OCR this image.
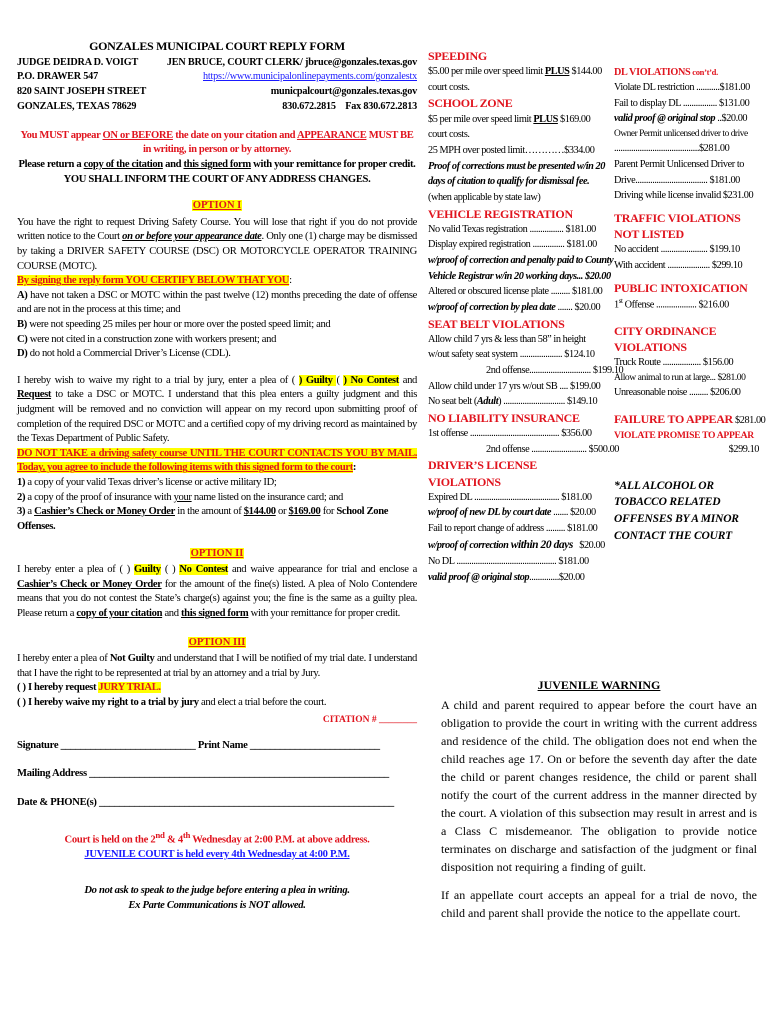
GONZALES MUNICIPAL COURT REPLY FORM
JUDGE DEIDRA D. VOIGT
P.O. DRAWER 547
820 SAINT JOSEPH STREET
GONZALES, TEXAS 78629
JEN BRUCE, COURT CLERK/ jbruce@gonzales.texas.gov
https://www.municipalonlinepayments.com/gonzalestx
municpalcourt@gonzales.texas.gov
830.672.2815    Fax 830.672.2813
You MUST appear ON or BEFORE the date on your citation and APPEARANCE MUST BE in writing, in person or by attorney.
Please return a copy of the citation and this signed form with your remittance for proper credit.
YOU SHALL INFORM THE COURT OF ANY ADDRESS CHANGES.
OPTION I
You have the right to request Driving Safety Course. You will lose that right if you do not provide written notice to the Court on or before your appearance date. Only one (1) charge may be dismissed by taking a DRIVER SAFETY COURSE (DSC) OR MOTORCYCLE OPERATOR TRAINING COURSE (MOTC).
By signing the reply form YOU CERTIFY BELOW THAT YOU:
A) have not taken a DSC or MOTC within the past twelve (12) months preceding the date of offense and are not in the process at this time; and
B) were not speeding 25 miles per hour or more over the posted speed limit; and
C) were not cited in a construction zone with workers present; and
D) do not hold a Commercial Driver’s License (CDL).
I hereby wish to waive my right to a trial by jury, enter a plea of ( ) Guilty ( ) No Contest and Request to take a DSC or MOTC. I understand that this plea enters a guilty judgment and this judgment will be removed and no conviction will appear on my record upon submitting proof of completion of the required DSC or MOTC and a certified copy of my driving record as maintained by the Texas Department of Public Safety.
DO NOT TAKE a driving safety course UNTIL THE COURT CONTACTS YOU BY MAIL. Today, you agree to include the following items with this signed form to the court:
1) a copy of your valid Texas driver’s license or active military ID;
2) a copy of the proof of insurance with your name listed on the insurance card; and
3) a Cashier’s Check or Money Order in the amount of $144.00 or $169.00 for School Zone Offenses.
OPTION II
I hereby enter a plea of ( ) Guilty ( ) No Contest and waive appearance for trial and enclose a Cashier’s Check or Money Order for the amount of the fine(s) listed. A plea of Nolo Contendere means that you do not contest the State’s charge(s) against you; the fine is the same as a guilty plea. Please return a copy of your citation and this signed form with your remittance for proper credit.
OPTION III
I hereby enter a plea of Not Guilty and understand that I will be notified of my trial date. I understand that I have the right to be represented at trial by an attorney and a trial by Jury.
( ) I hereby request JURY TRIAL.
( ) I hereby waive my right to a trial by jury and elect a trial before the court.
CITATION # ________
Signature ___________________________ Print Name __________________________
Mailing Address ____________________________________________________________
Date & PHONE(s) ___________________________________________________________
Court is held on the 2nd & 4th Wednesday at 2:00 P.M. at above address.
JUVENILE COURT is held every 4th Wednesday at 4:00 P.M.
Do not ask to speak to the judge before entering a plea in writing.
Ex Parte Communications is NOT allowed.
SPEEDING
$5.00 per mile over speed limit PLUS $144.00
court costs.
SCHOOL ZONE
$5 per mile over speed limit PLUS $169.00
court costs.
25 MPH over posted limit…………$334.00
Proof of corrections must be presented w/in 20
days of citation to qualify for dismissal fee.
(when applicable by state law)
VEHICLE REGISTRATION
No valid Texas registration ................ $181.00
Display expired registration ............... $181.00
w/proof of correction and penalty paid to County
Vehicle Registrar w/in 20 working days... $20.00
Altered or obscured license plate ......... $181.00
w/proof of correction by plea date ....... $20.00
SEAT BELT VIOLATIONS
Allow child 7 yrs & less than 58” in height
w/out safety seat system .................... $124.10
2nd offense............................. $199.10
Allow child under 17 yrs w/out SB .... $199.00
No seat belt (Adult) ............................. $149.10
NO LIABILITY INSURANCE
1st offense .......................................... $356.00
2nd offense .......................... $500.00
DRIVER’S LICENSE VIOLATIONS
Expired DL ........................................ $181.00
w/proof of new DL by court date ....... $20.00
Fail to report change of address ......... $181.00
w/proof of correction within 20 days   $20.00
No DL ............................................... $181.00
valid proof @ original stop..............$20.00
DL VIOLATIONS con’t’d.
Violate DL restriction ...........$181.00
Fail to display DL ................ $131.00
valid proof @ original stop ..$20.00
Owner Permit unlicensed driver to drive
........................................$281.00
Parent Permit Unlicensed Driver to
Drive.................................. $181.00
Driving while license invalid $231.00
TRAFFIC VIOLATIONS NOT LISTED
No accident ...................... $199.10
With accident .................... $299.10
PUBLIC INTOXICATION
1st Offense ................... $216.00
CITY ORDINANCE VIOLATIONS
Truck Route .................. $156.00
Allow animal to run at large... $281.00
Unreasonable noise ......... $206.00
FAILURE TO APPEAR $281.00
VIOLATE PROMISE TO APPEAR
$299.10
*ALL ALCOHOL OR TOBACCO RELATED OFFENSES BY A MINOR CONTACT THE COURT
JUVENILE WARNING

A child and parent required to appear before the court have an obligation to provide the court in writing with the current address and residence of the child. The obligation does not end when the child reaches age 17. On or before the seventh day after the date the child or parent changes residence, the child or parent shall notify the court of the current address in the manner directed by the court. A violation of this subsection may result in arrest and is a Class C misdemeanor. The obligation to provide notice terminates on discharge and satisfaction of the judgment or final disposition not requiring a finding of guilt.

If an appellate court accepts an appeal for a trial de novo, the child and parent shall provide the notice to the appellate court.
